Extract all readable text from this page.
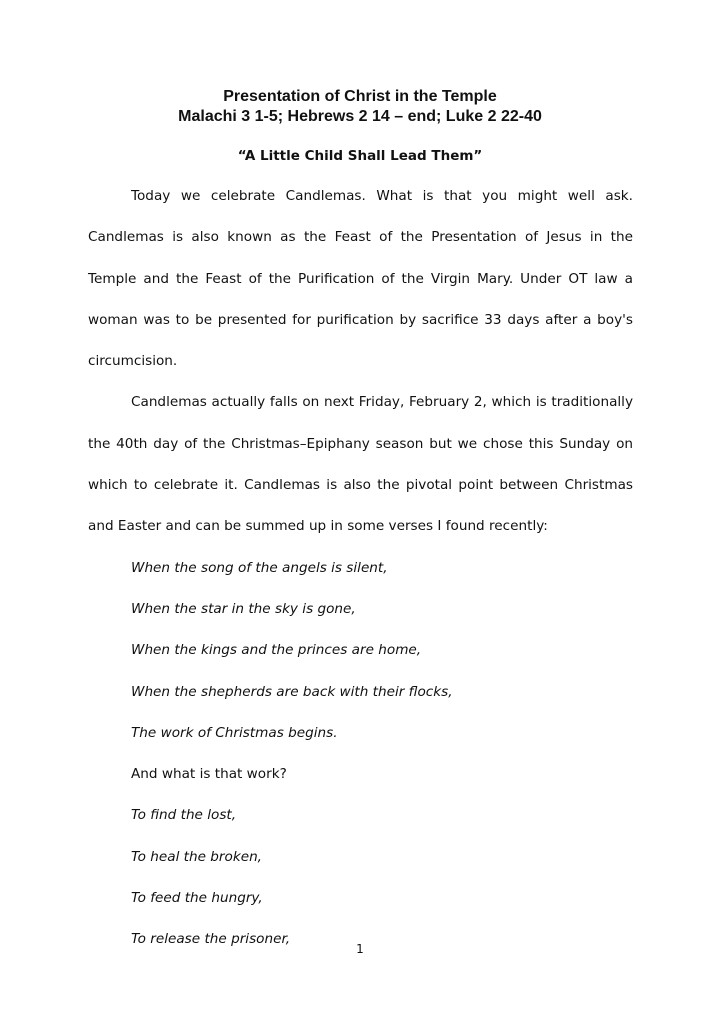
Presentation of Christ in the Temple
Malachi 3 1-5; Hebrews 2 14 – end; Luke 2 22-40

“A Little Child Shall Lead Them”

Today we celebrate Candlemas. What is that you might well ask. Candlemas is also known as the Feast of the Presentation of Jesus in the Temple and the Feast of the Purification of the Virgin Mary. Under OT law a woman was to be presented for purification by sacrifice 33 days after a boy's circumcision.

Candlemas actually falls on next Friday, February 2, which is traditionally the 40th day of the Christmas–Epiphany season but we chose this Sunday on which to celebrate it. Candlemas is also the pivotal point between Christmas and Easter and can be summed up in some verses I found recently:

When the song of the angels is silent,
When the star in the sky is gone,
When the kings and the princes are home,
When the shepherds are back with their flocks,
The work of Christmas begins.
And what is that work?
To find the lost,
To heal the broken,
To feed the hungry,
To release the prisoner,

1
